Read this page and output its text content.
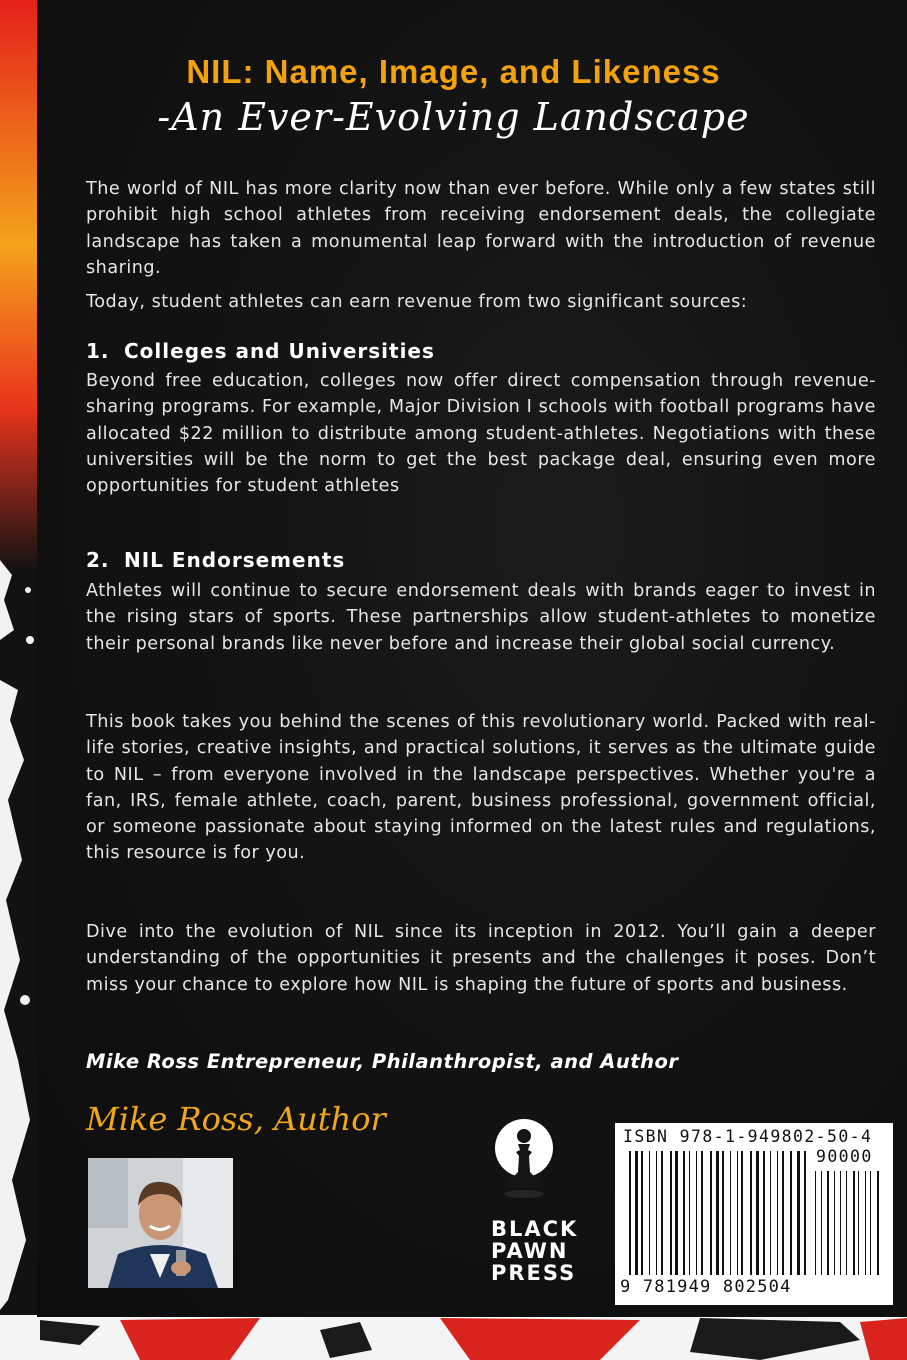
NIL: Name, Image, and Likeness
-An Ever-Evolving Landscape

The world of NIL has more clarity now than ever before. While only a few states still prohibit high school athletes from receiving endorsement deals, the collegiate landscape has taken a monumental leap forward with the introduction of revenue sharing.

Today, student athletes can earn revenue from two significant sources:

1. Colleges and Universities

Beyond free education, colleges now offer direct compensation through revenue-sharing programs. For example, Major Division I schools with football programs have allocated $22 million to distribute among student-athletes. Negotiations with these universities will be the norm to get the best package deal, ensuring even more opportunities for student athletes

2. NIL Endorsements

Athletes will continue to secure endorsement deals with brands eager to invest in the rising stars of sports. These partnerships allow student-athletes to monetize their personal brands like never before and increase their global social currency.

This book takes you behind the scenes of this revolutionary world. Packed with real-life stories, creative insights, and practical solutions, it serves as the ultimate guide to NIL – from everyone involved in the landscape perspectives. Whether you're a fan, IRS, female athlete, coach, parent, business professional, government official, or someone passionate about staying informed on the latest rules and regulations, this resource is for you.

Dive into the evolution of NIL since its inception in 2012. You’ll gain a deeper understanding of the opportunities it presents and the challenges it poses. Don’t miss your chance to explore how NIL is shaping the future of sports and business.

Mike Ross Entrepreneur, Philanthropist, and Author
Mike Ross, Author
BLACK
PAWN
PRESS
ISBN 978-1-949802-50-4
90000
9 781949 802504
